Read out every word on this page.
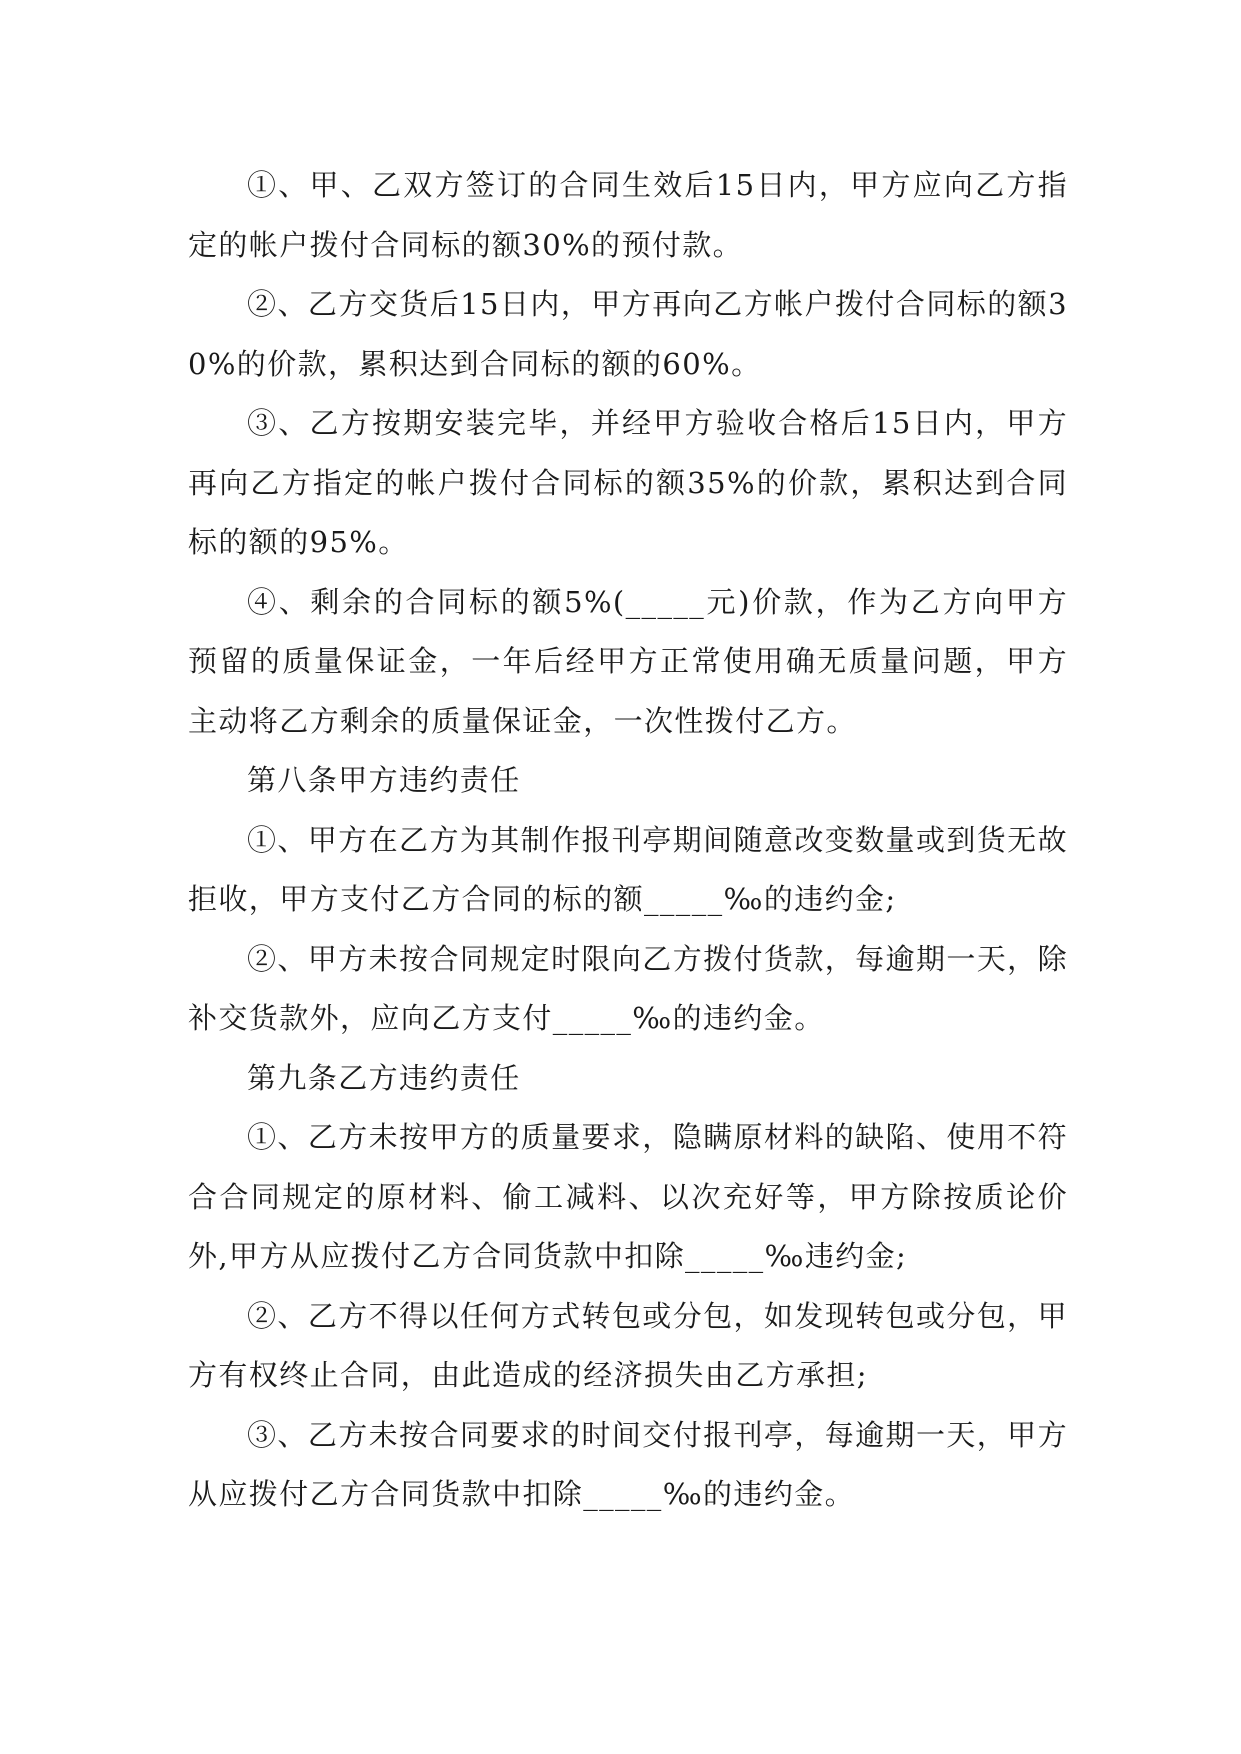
①、甲、乙双方签订的合同生效后15日内，甲方应向乙方指定的帐户拨付合同标的额30%的预付款。

②、乙方交货后15日内，甲方再向乙方帐户拨付合同标的额30%的价款，累积达到合同标的额的60%。

③、乙方按期安装完毕，并经甲方验收合格后15日内，甲方再向乙方指定的帐户拨付合同标的额35%的价款，累积达到合同标的额的95%。

④、剩余的合同标的额5%(_____元)价款，作为乙方向甲方预留的质量保证金，一年后经甲方正常使用确无质量问题，甲方主动将乙方剩余的质量保证金，一次性拨付乙方。

第八条甲方违约责任

①、甲方在乙方为其制作报刊亭期间随意改变数量或到货无故拒收，甲方支付乙方合同的标的额_____‰的违约金;

②、甲方未按合同规定时限向乙方拨付货款，每逾期一天，除补交货款外，应向乙方支付_____‰的违约金。

第九条乙方违约责任

①、乙方未按甲方的质量要求，隐瞒原材料的缺陷、使用不符合合同规定的原材料、偷工减料、以次充好等，甲方除按质论价外,甲方从应拨付乙方合同货款中扣除_____‰违约金;

②、乙方不得以任何方式转包或分包，如发现转包或分包，甲方有权终止合同，由此造成的经济损失由乙方承担;

③、乙方未按合同要求的时间交付报刊亭，每逾期一天，甲方从应拨付乙方合同货款中扣除_____‰的违约金。
